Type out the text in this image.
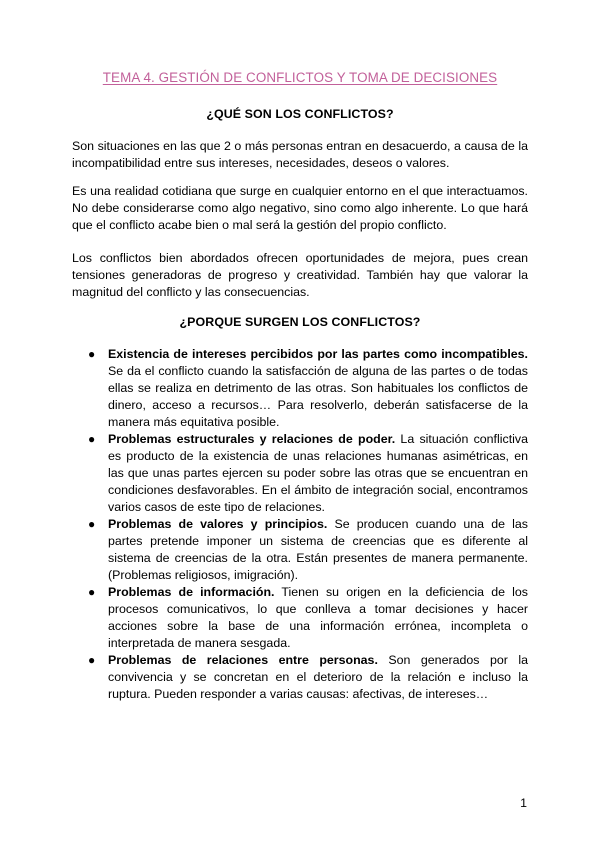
TEMA 4. GESTIÓN DE CONFLICTOS Y TOMA DE DECISIONES
¿QUÉ SON LOS CONFLICTOS?

Son situaciones en las que 2 o más personas entran en desacuerdo, a causa de la incompatibilidad entre sus intereses, necesidades, deseos o valores.

Es una realidad cotidiana que surge en cualquier entorno en el que interactuamos. No debe considerarse como algo negativo, sino como algo inherente. Lo que hará que el conflicto acabe bien o mal será la gestión del propio conflicto.

Los conflictos bien abordados ofrecen oportunidades de mejora, pues crean tensiones generadoras de progreso y creatividad. También hay que valorar la magnitud del conflicto y las consecuencias.

¿PORQUE SURGEN LOS CONFLICTOS?
● Existencia de intereses percibidos por las partes como incompatibles. Se da el conflicto cuando la satisfacción de alguna de las partes o de todas ellas se realiza en detrimento de las otras. Son habituales los conflictos de dinero, acceso a recursos… Para resolverlo, deberán satisfacerse de la manera más equitativa posible.
● Problemas estructurales y relaciones de poder. La situación conflictiva es producto de la existencia de unas relaciones humanas asimétricas, en las que unas partes ejercen su poder sobre las otras que se encuentran en condiciones desfavorables. En el ámbito de integración social, encontramos varios casos de este tipo de relaciones.
● Problemas de valores y principios. Se producen cuando una de las partes pretende imponer un sistema de creencias que es diferente al sistema de creencias de la otra. Están presentes de manera permanente. (Problemas religiosos, imigración).
● Problemas de información. Tienen su origen en la deficiencia de los procesos comunicativos, lo que conlleva a tomar decisiones y hacer acciones sobre la base de una información errónea, incompleta o interpretada de manera sesgada.
● Problemas de relaciones entre personas. Son generados por la convivencia y se concretan en el deterioro de la relación e incluso la ruptura. Pueden responder a varias causas: afectivas, de intereses…
1
